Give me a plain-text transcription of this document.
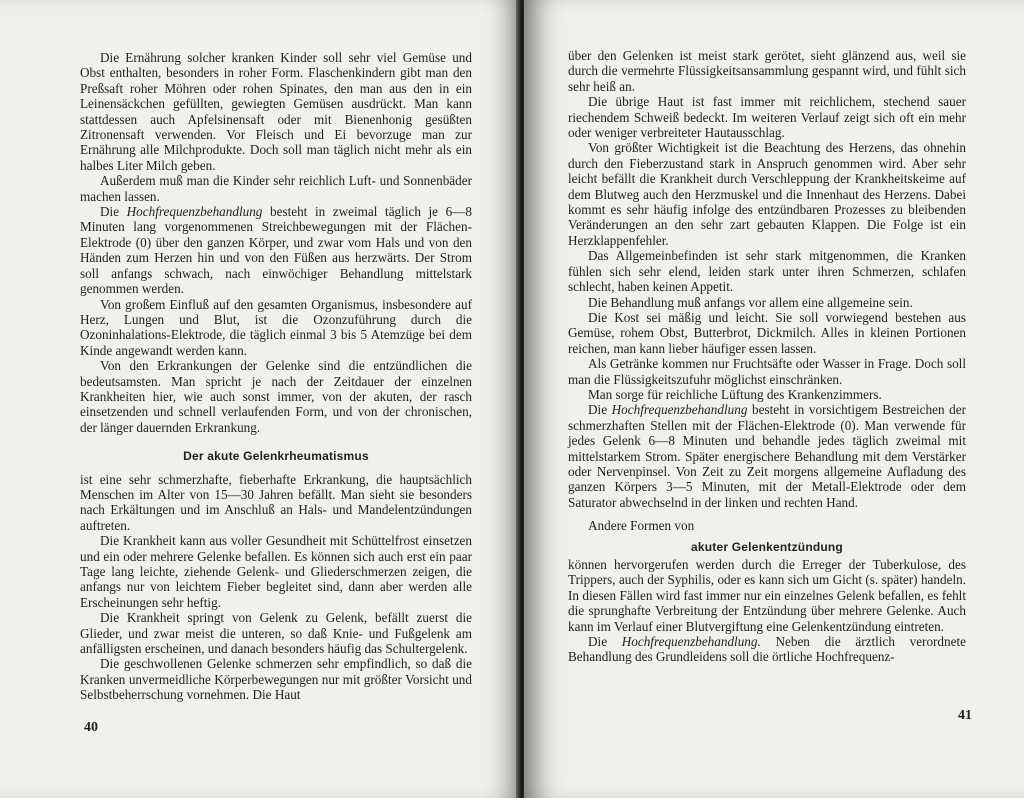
Die Ernährung solcher kranken Kinder soll sehr viel Gemüse und Obst enthalten, besonders in roher Form. Flaschenkindern gibt man den Preßsaft roher Möhren oder rohen Spinates, den man aus den in ein Leinensäckchen gefüllten, gewiegten Gemüsen ausdrückt. Man kann stattdessen auch Apfelsinensaft oder mit Bienenhonig gesüßten Zitronensaft verwenden. Vor Fleisch und Ei bevorzuge man zur Ernährung alle Milchprodukte. Doch soll man täglich nicht mehr als ein halbes Liter Milch geben.

Außerdem muß man die Kinder sehr reichlich Luft- und Sonnenbäder machen lassen.

Die Hochfrequenzbehandlung besteht in zweimal täglich je 6—8 Minuten lang vorgenommenen Streichbewegungen mit der Flächen-Elektrode (0) über den ganzen Körper, und zwar vom Hals und von den Händen zum Herzen hin und von den Füßen aus herzwärts. Der Strom soll anfangs schwach, nach einwöchiger Behandlung mittelstark genommen werden.

Von großem Einfluß auf den gesamten Organismus, insbesondere auf Herz, Lungen und Blut, ist die Ozonzuführung durch die Ozoninhalations-Elektrode, die täglich einmal 3 bis 5 Atemzüge bei dem Kinde angewandt werden kann.

Von den Erkrankungen der Gelenke sind die entzündlichen die bedeutsamsten. Man spricht je nach der Zeitdauer der einzelnen Krankheiten hier, wie auch sonst immer, von der akuten, der rasch einsetzenden und schnell verlaufenden Form, und von der chronischen, der länger dauernden Erkrankung.

Der akute Gelenkrheumatismus

ist eine sehr schmerzhafte, fieberhafte Erkrankung, die hauptsächlich Menschen im Alter von 15—30 Jahren befällt. Man sieht sie besonders nach Erkältungen und im Anschluß an Hals- und Mandelentzündungen auftreten.

Die Krankheit kann aus voller Gesundheit mit Schüttelfrost einsetzen und ein oder mehrere Gelenke befallen. Es können sich auch erst ein paar Tage lang leichte, ziehende Gelenk- und Gliederschmerzen zeigen, die anfangs nur von leichtem Fieber begleitet sind, dann aber werden alle Erscheinungen sehr heftig.

Die Krankheit springt von Gelenk zu Gelenk, befällt zuerst die Glieder, und zwar meist die unteren, so daß Knie- und Fußgelenk am anfälligsten erscheinen, und danach besonders häufig das Schultergelenk.

Die geschwollenen Gelenke schmerzen sehr empfindlich, so daß die Kranken unvermeidliche Körperbewegungen nur mit größter Vorsicht und Selbstbeherrschung vornehmen. Die Haut

40

über den Gelenken ist meist stark gerötet, sieht glänzend aus, weil sie durch die vermehrte Flüssigkeitsansammlung gespannt wird, und fühlt sich sehr heiß an.

Die übrige Haut ist fast immer mit reichlichem, stechend sauer riechendem Schweiß bedeckt. Im weiteren Verlauf zeigt sich oft ein mehr oder weniger verbreiteter Hautausschlag.

Von größter Wichtigkeit ist die Beachtung des Herzens, das ohnehin durch den Fieberzustand stark in Anspruch genommen wird. Aber sehr leicht befällt die Krankheit durch Verschleppung der Krankheitskeime auf dem Blutweg auch den Herzmuskel und die Innenhaut des Herzens. Dabei kommt es sehr häufig infolge des entzündbaren Prozesses zu bleibenden Veränderungen an den sehr zart gebauten Klappen. Die Folge ist ein Herzklappenfehler.

Das Allgemeinbefinden ist sehr stark mitgenommen, die Kranken fühlen sich sehr elend, leiden stark unter ihren Schmerzen, schlafen schlecht, haben keinen Appetit.

Die Behandlung muß anfangs vor allem eine allgemeine sein.

Die Kost sei mäßig und leicht. Sie soll vorwiegend bestehen aus Gemüse, rohem Obst, Butterbrot, Dickmilch. Alles in kleinen Portionen reichen, man kann lieber häufiger essen lassen.

Als Getränke kommen nur Fruchtsäfte oder Wasser in Frage. Doch soll man die Flüssigkeitszufuhr möglichst einschränken.

Man sorge für reichliche Lüftung des Krankenzimmers.

Die Hochfrequenzbehandlung besteht in vorsichtigem Bestreichen der schmerzhaften Stellen mit der Flächen-Elektrode (0). Man verwende für jedes Gelenk 6—8 Minuten und behandle jedes täglich zweimal mit mittelstarkem Strom. Später energischere Behandlung mit dem Verstärker oder Nervenpinsel. Von Zeit zu Zeit morgens allgemeine Aufladung des ganzen Körpers 3—5 Minuten, mit der Metall-Elektrode oder dem Saturator abwechselnd in der linken und rechten Hand.

Andere Formen von

akuter Gelenkentzündung

können hervorgerufen werden durch die Erreger der Tuberkulose, des Trippers, auch der Syphilis, oder es kann sich um Gicht (s. später) handeln. In diesen Fällen wird fast immer nur ein einzelnes Gelenk befallen, es fehlt die sprunghafte Verbreitung der Entzündung über mehrere Gelenke. Auch kann im Verlauf einer Blutvergiftung eine Gelenkentzündung eintreten.

Die Hochfrequenzbehandlung. Neben die ärztlich verordnete Behandlung des Grundleidens soll die örtliche Hochfrequenz-

41
